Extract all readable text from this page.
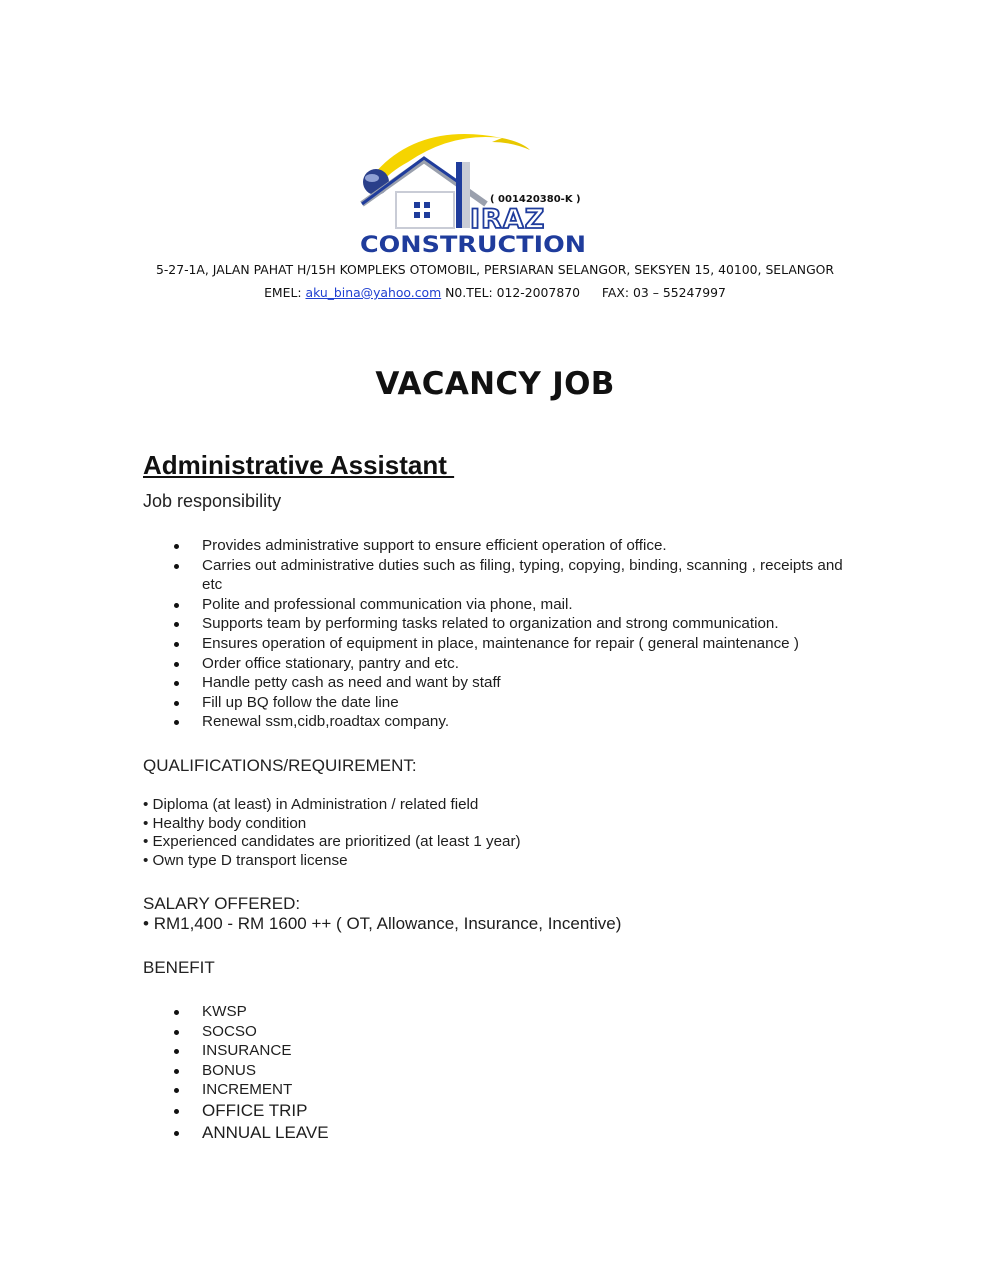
( 001420380-K )
IRAZ
CONSTRUCTION
5-27-1A, JALAN PAHAT H/15H KOMPLEKS OTOMOBIL, PERSIARAN SELANGOR, SEKSYEN 15, 40100, SELANGOR
EMEL: aku_bina@yahoo.com N0.TEL: 012-2007870 FAX: 03 – 55247997
VACANCY JOB
Administrative Assistant
Job responsibility
Provides administrative support to ensure efficient operation of office.
Carries out administrative duties such as filing, typing, copying, binding, scanning , receipts and etc
Polite and professional communication via phone, mail.
Supports team by performing tasks related to organization and strong communication.
Ensures operation of equipment in place, maintenance for repair ( general maintenance )
Order office stationary, pantry and etc.
Handle petty cash as need and want by staff
Fill up BQ follow the date line
Renewal ssm,cidb,roadtax company.
QUALIFICATIONS/REQUIREMENT:
• Diploma (at least) in Administration / related field
• Healthy body condition
• Experienced candidates are prioritized (at least 1 year)
• Own type D transport license
SALARY OFFERED:
• RM1,400 - RM 1600 ++ ( OT, Allowance, Insurance, Incentive)
BENEFIT
KWSP
SOCSO
INSURANCE
BONUS
INCREMENT
OFFICE TRIP
ANNUAL LEAVE
